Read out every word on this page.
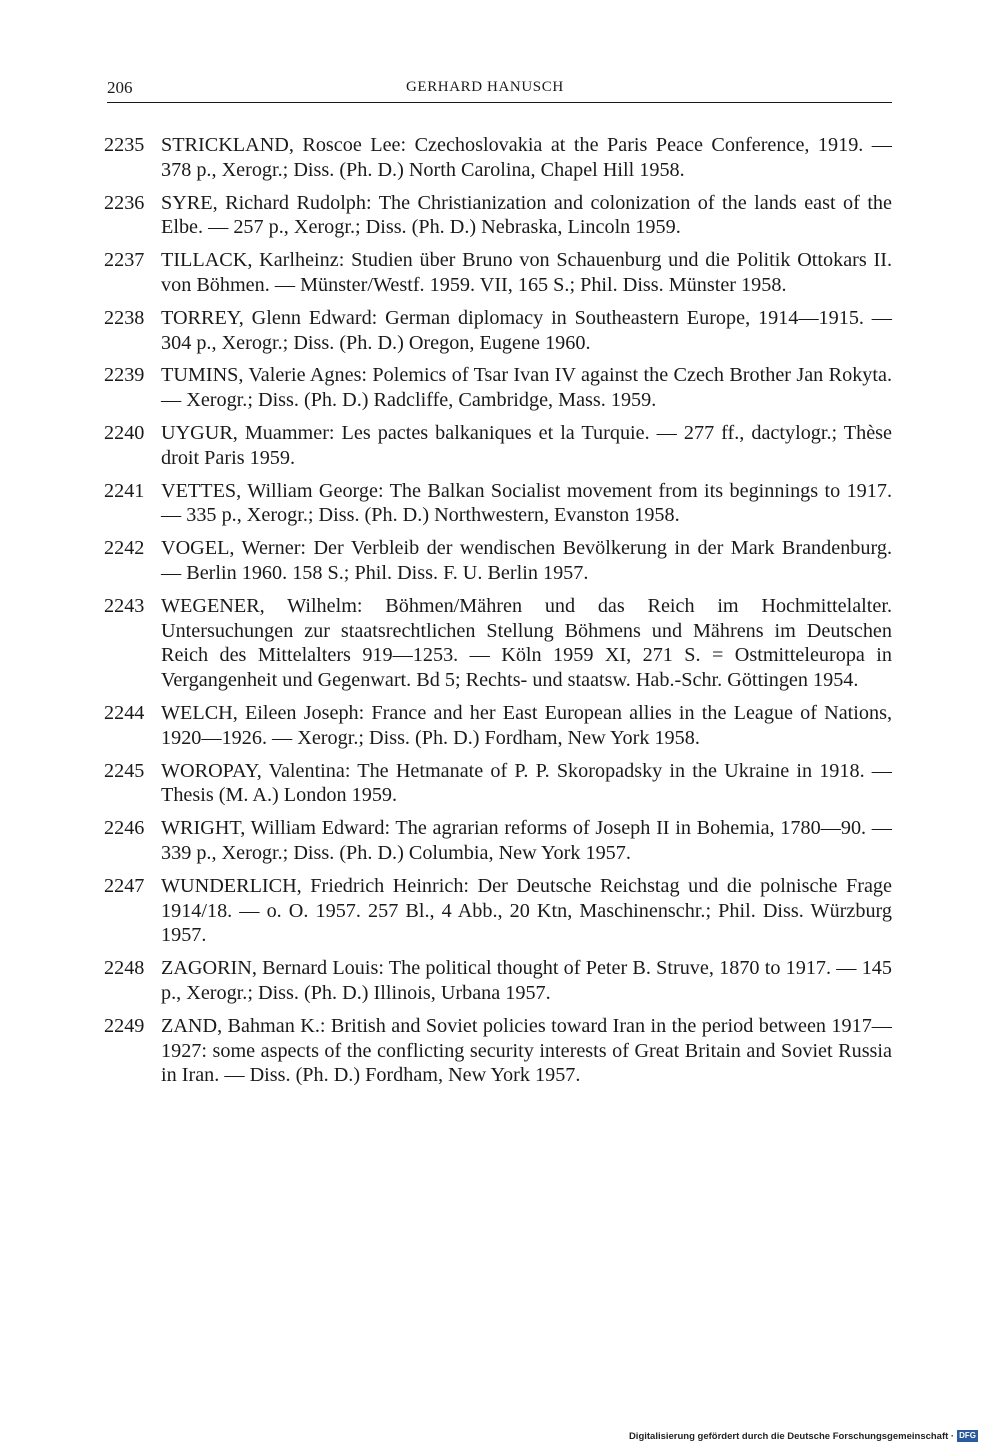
206	GERHARD HANUSCH
2235 STRICKLAND, Roscoe Lee: Czechoslovakia at the Paris Peace Conference, 1919. — 378 p., Xerogr.; Diss. (Ph. D.) North Carolina, Chapel Hill 1958.
2236 SYRE, Richard Rudolph: The Christianization and colonization of the lands east of the Elbe. — 257 p., Xerogr.; Diss. (Ph. D.) Nebraska, Lincoln 1959.
2237 TILLACK, Karlheinz: Studien über Bruno von Schauenburg und die Politik Ottokars II. von Böhmen. — Münster/Westf. 1959. VII, 165 S.; Phil. Diss. Münster 1958.
2238 TORREY, Glenn Edward: German diplomacy in Southeastern Europe, 1914—1915. — 304 p., Xerogr.; Diss. (Ph. D.) Oregon, Eugene 1960.
2239 TUMINS, Valerie Agnes: Polemics of Tsar Ivan IV against the Czech Brother Jan Rokyta. — Xerogr.; Diss. (Ph. D.) Radcliffe, Cambridge, Mass. 1959.
2240 UYGUR, Muammer: Les pactes balkaniques et la Turquie. — 277 ff., dactylogr.; Thèse droit Paris 1959.
2241 VETTES, William George: The Balkan Socialist movement from its beginnings to 1917. — 335 p., Xerogr.; Diss. (Ph. D.) Northwestern, Evanston 1958.
2242 VOGEL, Werner: Der Verbleib der wendischen Bevölkerung in der Mark Brandenburg. — Berlin 1960. 158 S.; Phil. Diss. F. U. Berlin 1957.
2243 WEGENER, Wilhelm: Böhmen/Mähren und das Reich im Hochmittelalter. Untersuchungen zur staatsrechtlichen Stellung Böhmens und Mährens im Deutschen Reich des Mittelalters 919—1253. — Köln 1959 XI, 271 S. = Ostmitteleuropa in Vergangenheit und Gegenwart. Bd 5; Rechts- und staatsw. Hab.-Schr. Göttingen 1954.
2244 WELCH, Eileen Joseph: France and her East European allies in the League of Nations, 1920—1926. — Xerogr.; Diss. (Ph. D.) Fordham, New York 1958.
2245 WOROPAY, Valentina: The Hetmanate of P. P. Skoropadsky in the Ukraine in 1918. — Thesis (M. A.) London 1959.
2246 WRIGHT, William Edward: The agrarian reforms of Joseph II in Bohemia, 1780—90. — 339 p., Xerogr.; Diss. (Ph. D.) Columbia, New York 1957.
2247 WUNDERLICH, Friedrich Heinrich: Der Deutsche Reichstag und die polnische Frage 1914/18. — o. O. 1957. 257 Bl., 4 Abb., 20 Ktn, Maschinenschr.; Phil. Diss. Würzburg 1957.
2248 ZAGORIN, Bernard Louis: The political thought of Peter B. Struve, 1870 to 1917. — 145 p., Xerogr.; Diss. (Ph. D.) Illinois, Urbana 1957.
2249 ZAND, Bahman K.: British and Soviet policies toward Iran in the period between 1917—1927: some aspects of the conflicting security interests of Great Britain and Soviet Russia in Iran. — Diss. (Ph. D.) Fordham, New York 1957.
Digitalisierung gefördert durch die Deutsche Forschungsgemeinschaft · DFG
